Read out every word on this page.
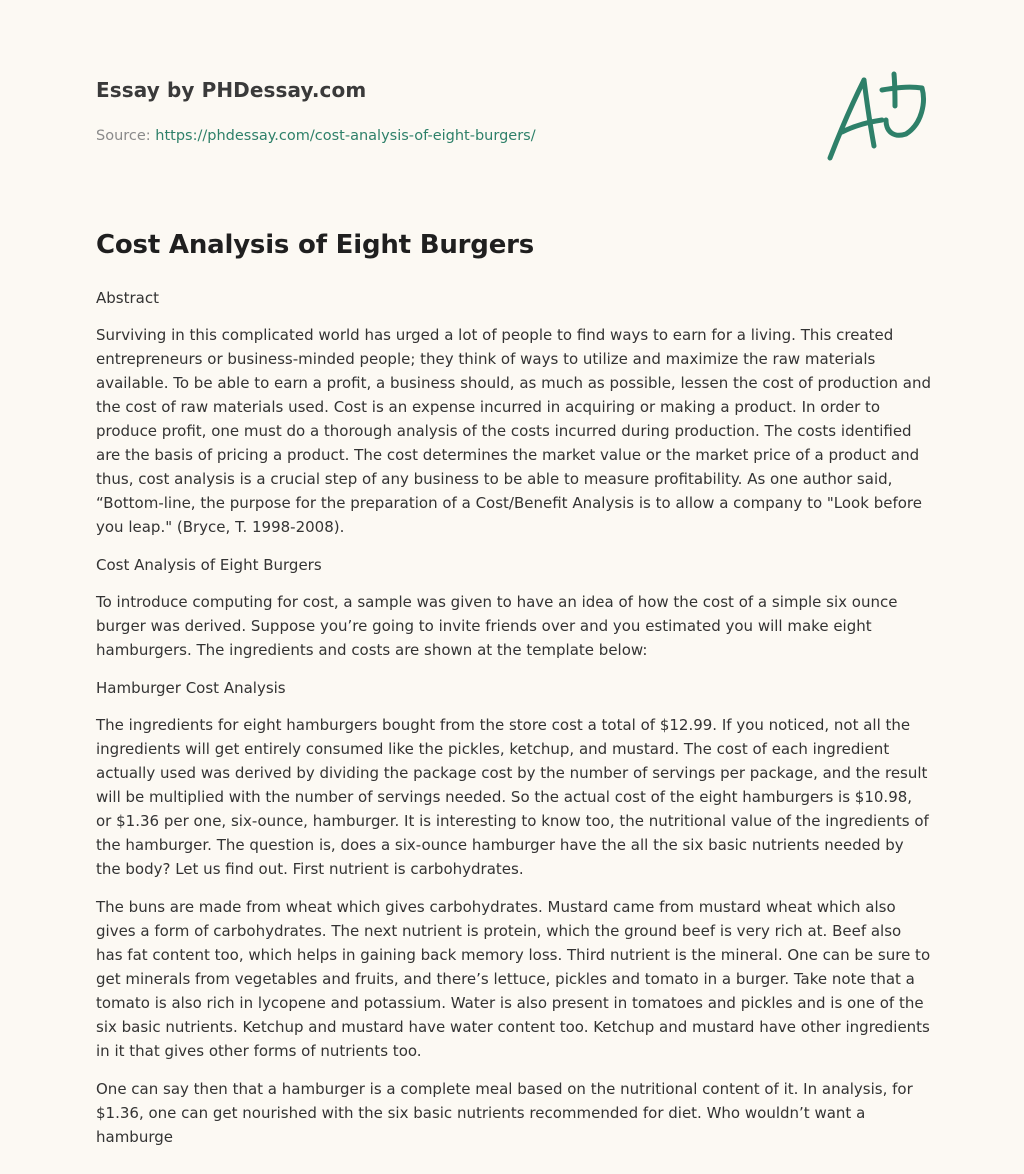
Essay by PHDessay.com
Source: https://phdessay.com/cost-analysis-of-eight-burgers/
Cost Analysis of Eight Burgers

Abstract

Surviving in this complicated world has urged a lot of people to find ways to earn for a living. This created entrepreneurs or business-minded people; they think of ways to utilize and maximize the raw materials available. To be able to earn a profit, a business should, as much as possible, lessen the cost of production and the cost of raw materials used. Cost is an expense incurred in acquiring or making a product. In order to produce profit, one must do a thorough analysis of the costs incurred during production. The costs identified are the basis of pricing a product. The cost determines the market value or the market price of a product and thus, cost analysis is a crucial step of any business to be able to measure profitability. As one author said, “Bottom-line, the purpose for the preparation of a Cost/Benefit Analysis is to allow a company to "Look before you leap." (Bryce, T. 1998-2008).

Cost Analysis of Eight Burgers

To introduce computing for cost, a sample was given to have an idea of how the cost of a simple six ounce burger was derived. Suppose you’re going to invite friends over and you estimated you will make eight hamburgers. The ingredients and costs are shown at the template below:

Hamburger Cost Analysis

The ingredients for eight hamburgers bought from the store cost a total of $12.99. If you noticed, not all the ingredients will get entirely consumed like the pickles, ketchup, and mustard. The cost of each ingredient actually used was derived by dividing the package cost by the number of servings per package, and the result will be multiplied with the number of servings needed. So the actual cost of the eight hamburgers is $10.98, or $1.36 per one, six-ounce, hamburger. It is interesting to know too, the nutritional value of the ingredients of the hamburger. The question is, does a six-ounce hamburger have the all the six basic nutrients needed by the body? Let us find out. First nutrient is carbohydrates.

The buns are made from wheat which gives carbohydrates. Mustard came from mustard wheat which also gives a form of carbohydrates. The next nutrient is protein, which the ground beef is very rich at. Beef also has fat content too, which helps in gaining back memory loss. Third nutrient is the mineral. One can be sure to get minerals from vegetables and fruits, and there’s lettuce, pickles and tomato in a burger. Take note that a tomato is also rich in lycopene and potassium. Water is also present in tomatoes and pickles and is one of the six basic nutrients. Ketchup and mustard have water content too. Ketchup and mustard have other ingredients in it that gives other forms of nutrients too.

One can say then that a hamburger is a complete meal based on the nutritional content of it. In analysis, for $1.36, one can get nourished with the six basic nutrients recommended for diet. Who wouldn’t want a hamburge
